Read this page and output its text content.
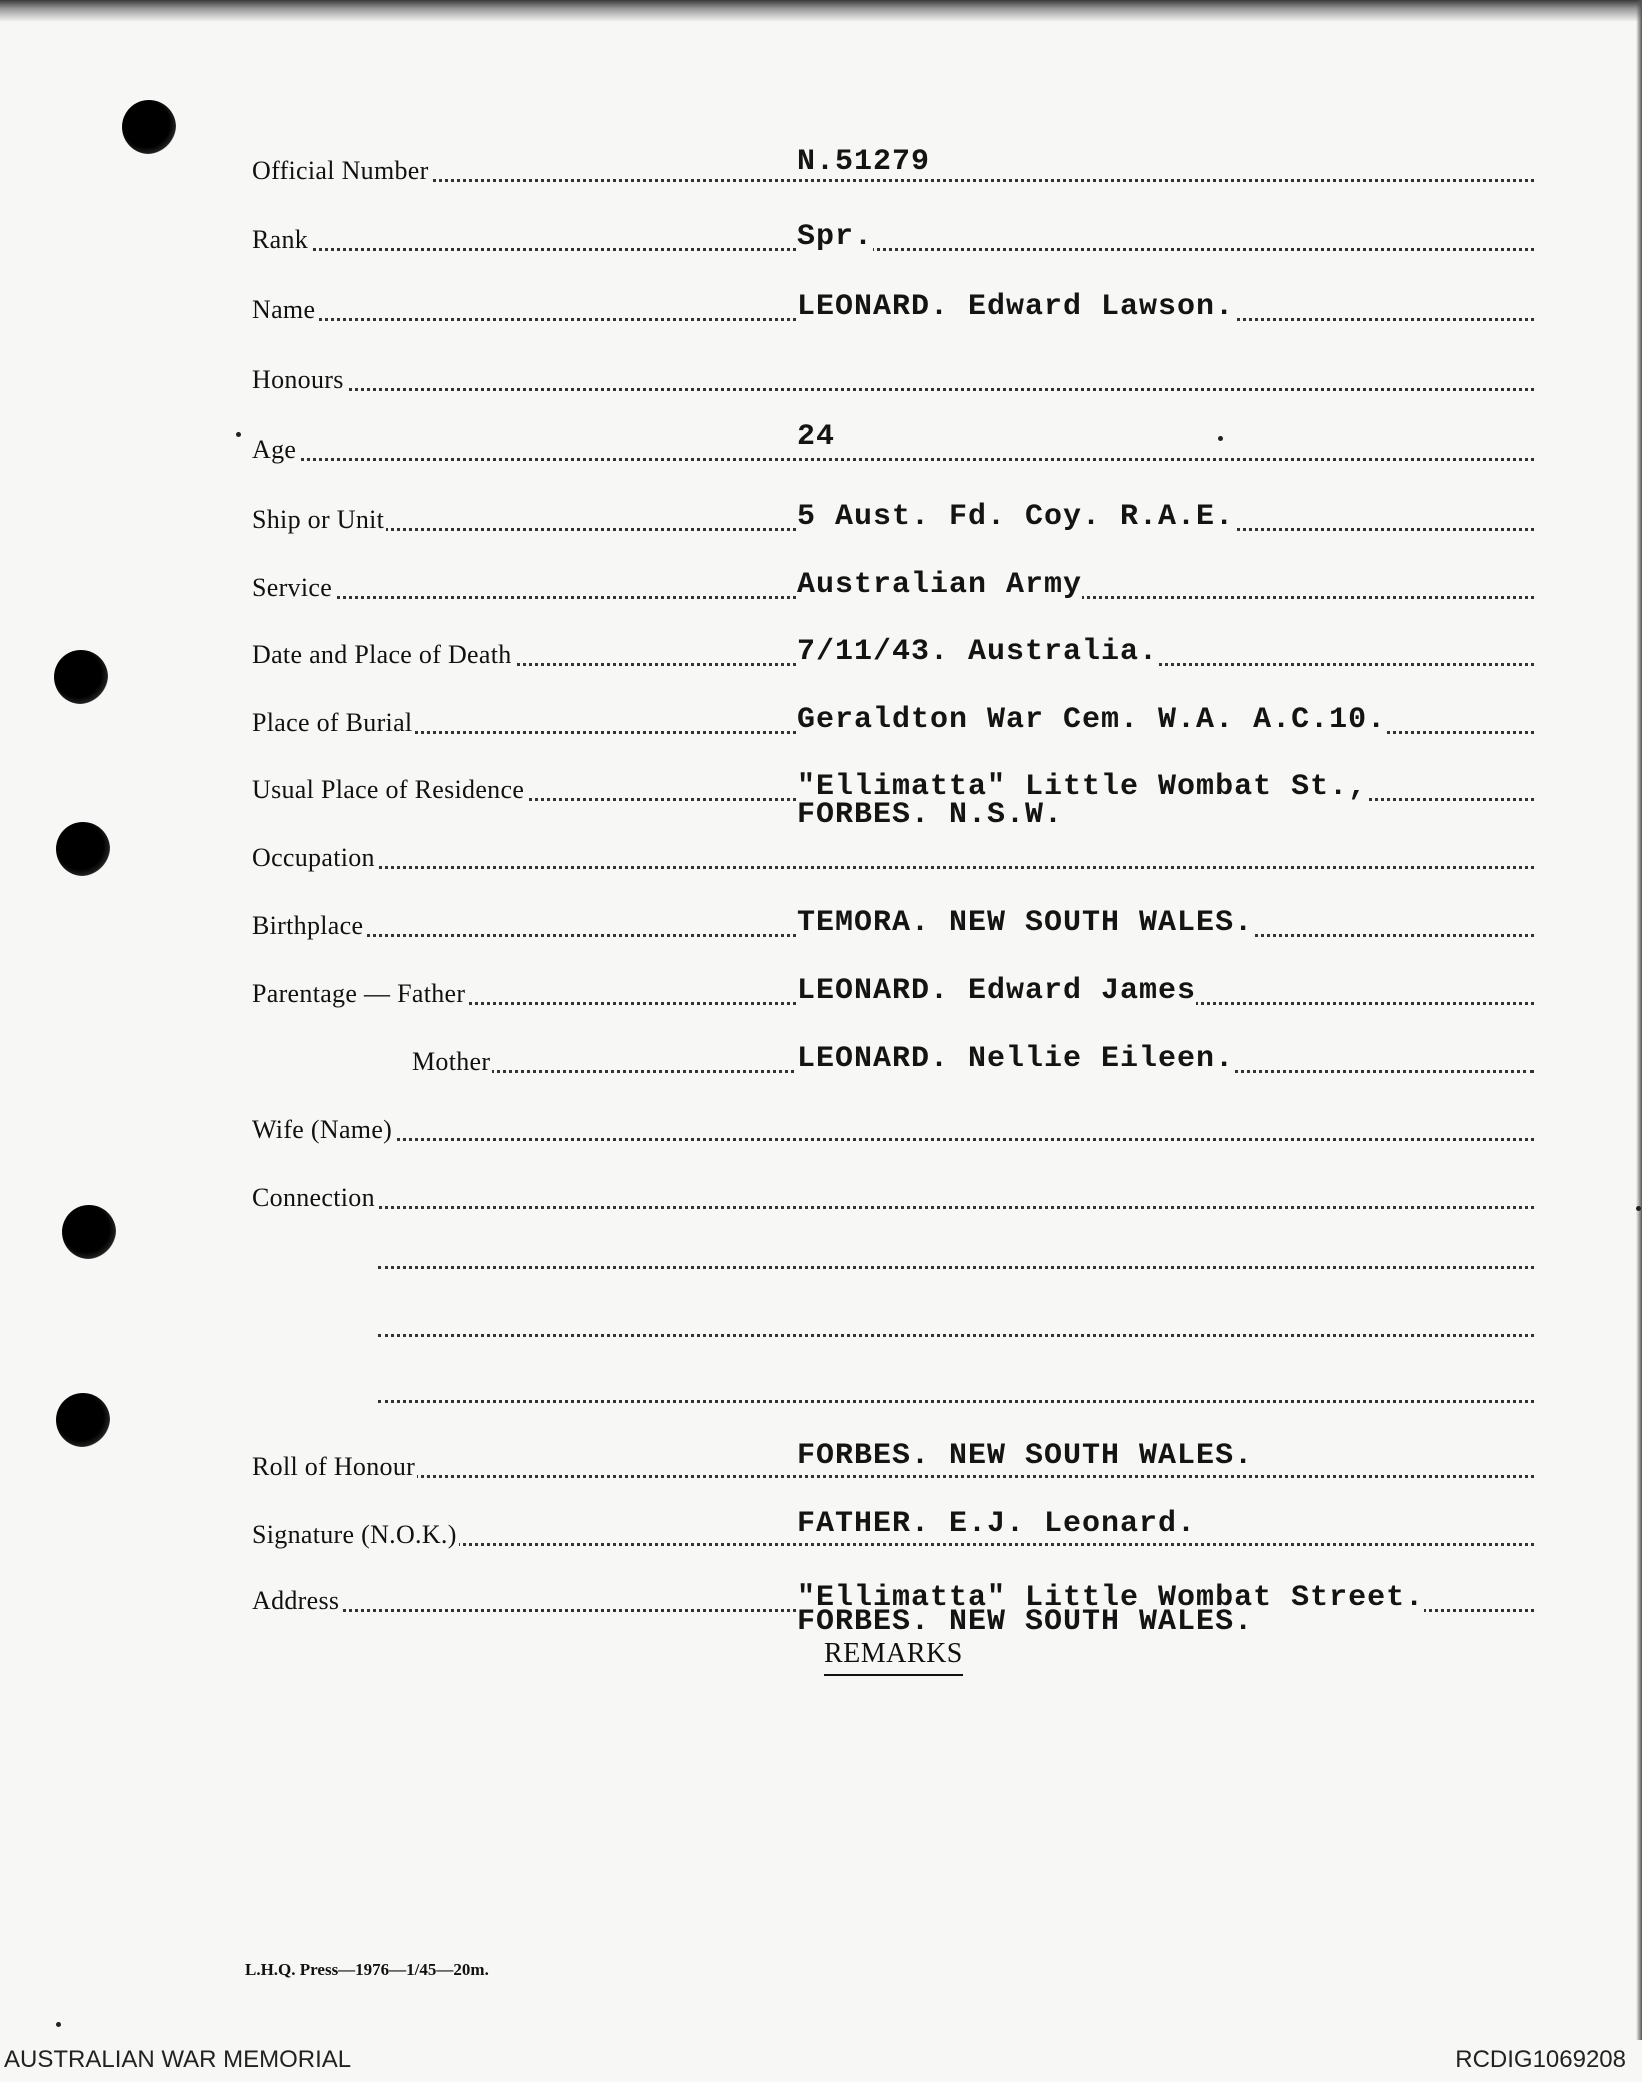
Official Number	N.51279
Rank	Spr.
Name	LEONARD. Edward Lawson.
Honours
Age	24
Ship or Unit	5 Aust. Fd. Coy. R.A.E.
Service	Australian Army
Date and Place of Death	7/11/43. Australia.
Place of Burial	Geraldton War Cem. W.A. A.C.10.
Usual Place of Residence	"Ellimatta" Little Wombat St.,
FORBES. N.S.W.
Occupation
Birthplace	TEMORA. NEW SOUTH WALES.
Parentage — Father	LEONARD. Edward James
Mother	LEONARD. Nellie Eileen.
Wife (Name)
Connection
Roll of Honour	FORBES. NEW SOUTH WALES.
Signature (N.O.K.)	FATHER. E.J. Leonard.
Address	"Ellimatta" Little Wombat Street.
FORBES. NEW SOUTH WALES.
REMARKS
L.H.Q. Press—1976—1/45—20m.
AUSTRALIAN WAR MEMORIAL	RCDIG1069208
